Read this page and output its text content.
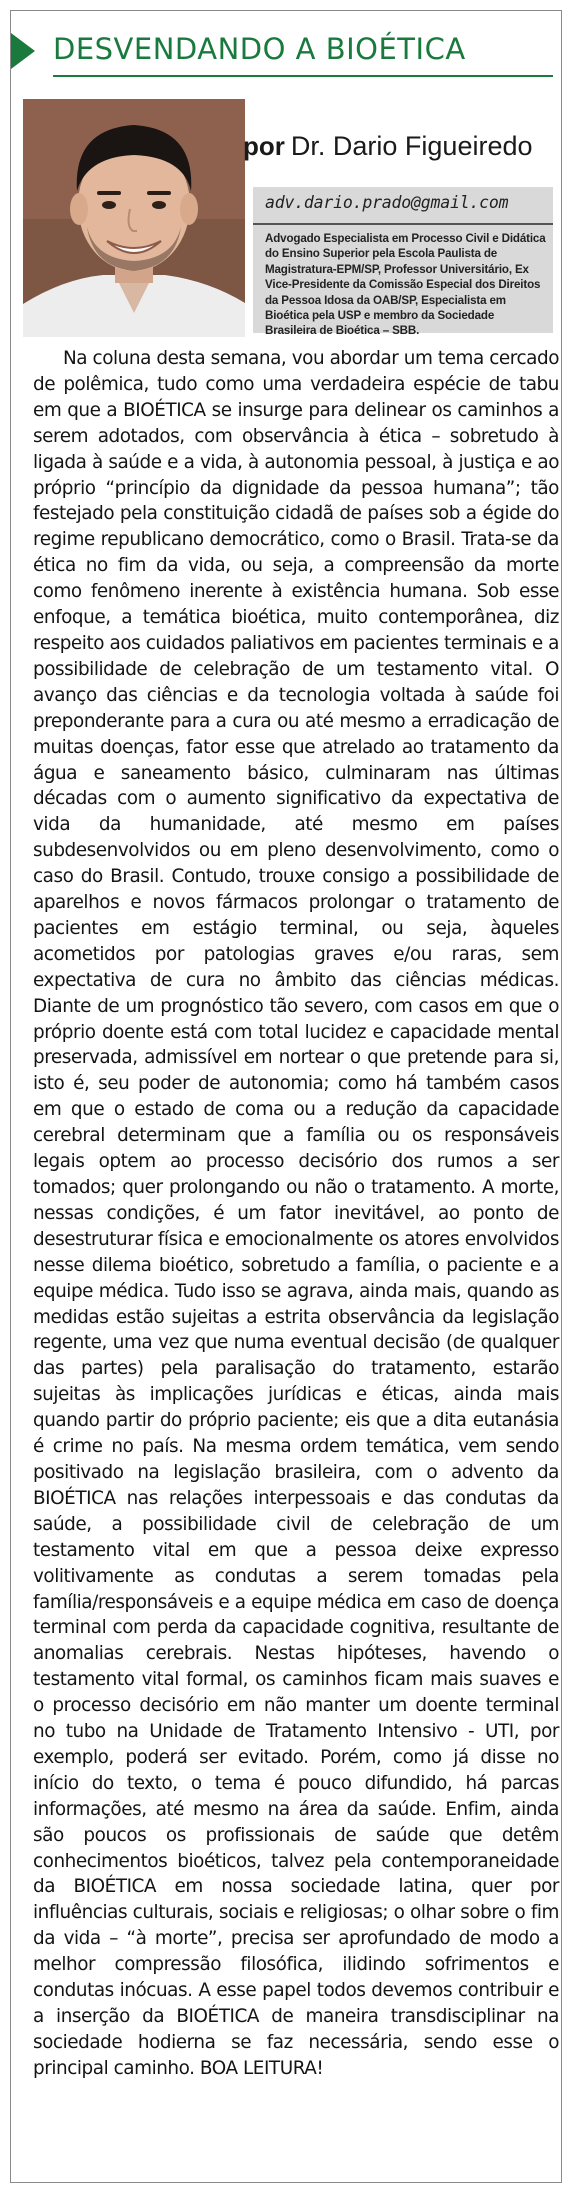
DESVENDANDO A BIOÉTICA
por Dr. Dario Figueiredo
adv.dario.prado@gmail.com
Advogado Especialista em Processo Civil e Didática do Ensino Superior pela Escola Paulista de Magistratura-EPM/SP, Professor Universitário, Ex Vice-Presidente da Comissão Especial dos Direitos da Pessoa Idosa da OAB/SP, Especialista em Bioética pela USP e membro da Sociedade Brasileira de Bioética – SBB.

Na coluna desta semana, vou abordar um tema cercado de polêmica, tudo como uma verdadeira espécie de tabu em que a BIOÉTICA se insurge para delinear os caminhos a serem adotados, com observância à ética – sobretudo à ligada à saúde e a vida, à autonomia pessoal, à justiça e ao próprio “princípio da dignidade da pessoa humana”; tão festejado pela constituição cidadã de países sob a égide do regime republicano democrático, como o Brasil. Trata-se da ética no fim da vida, ou seja, a compreensão da morte como fenômeno inerente à existência humana. Sob esse enfoque, a temática bioética, muito contemporânea, diz respeito aos cuidados paliativos em pacientes terminais e a possibilidade de celebração de um testamento vital. O avanço das ciências e da tecnologia voltada à saúde foi preponderante para a cura ou até mesmo a erradicação de muitas doenças, fator esse que atrelado ao tratamento da água e saneamento básico, culminaram nas últimas décadas com o aumento significativo da expectativa de vida da humanidade, até mesmo em países subdesenvolvidos ou em pleno desenvolvimento, como o caso do Brasil. Contudo, trouxe consigo a possibilidade de aparelhos e novos fármacos prolongar o tratamento de pacientes em estágio terminal, ou seja, àqueles acometidos por patologias graves e/ou raras, sem expectativa de cura no âmbito das ciências médicas. Diante de um prognóstico tão severo, com casos em que o próprio doente está com total lucidez e capacidade mental preservada, admissível em nortear o que pretende para si, isto é, seu poder de autonomia; como há também casos em que o estado de coma ou a redução da capacidade cerebral determinam que a família ou os responsáveis legais optem ao processo decisório dos rumos a ser tomados; quer prolongando ou não o tratamento. A morte, nessas condições, é um fator inevitável, ao ponto de desestruturar física e emocionalmente os atores envolvidos nesse dilema bioético, sobretudo a família, o paciente e a equipe médica. Tudo isso se agrava, ainda mais, quando as medidas estão sujeitas a estrita observância da legislação regente, uma vez que numa eventual decisão (de qualquer das partes) pela paralisação do tratamento, estarão sujeitas às implicações jurídicas e éticas, ainda mais quando partir do próprio paciente; eis que a dita eutanásia é crime no país. Na mesma ordem temática, vem sendo positivado na legislação brasileira, com o advento da BIOÉTICA nas relações interpessoais e das condutas da saúde, a possibilidade civil de celebração de um testamento vital em que a pessoa deixe expresso volitivamente as condutas a serem tomadas pela família/responsáveis e a equipe médica em caso de doença terminal com perda da capacidade cognitiva, resultante de anomalias cerebrais. Nestas hipóteses, havendo o testamento vital formal, os caminhos ficam mais suaves e o processo decisório em não manter um doente terminal no tubo na Unidade de Tratamento Intensivo - UTI, por exemplo, poderá ser evitado. Porém, como já disse no início do texto, o tema é pouco difundido, há parcas informações, até mesmo na área da saúde. Enfim, ainda são poucos os profissionais de saúde que detêm conhecimentos bioéticos, talvez pela contemporaneidade da BIOÉTICA em nossa sociedade latina, quer por influências culturais, sociais e religiosas; o olhar sobre o fim da vida – “à morte”, precisa ser aprofundado de modo a melhor compressão filosófica, ilidindo sofrimentos e condutas inócuas. A esse papel todos devemos contribuir e a inserção da BIOÉTICA de maneira transdisciplinar na sociedade hodierna se faz necessária, sendo esse o principal caminho. BOA LEITURA!
